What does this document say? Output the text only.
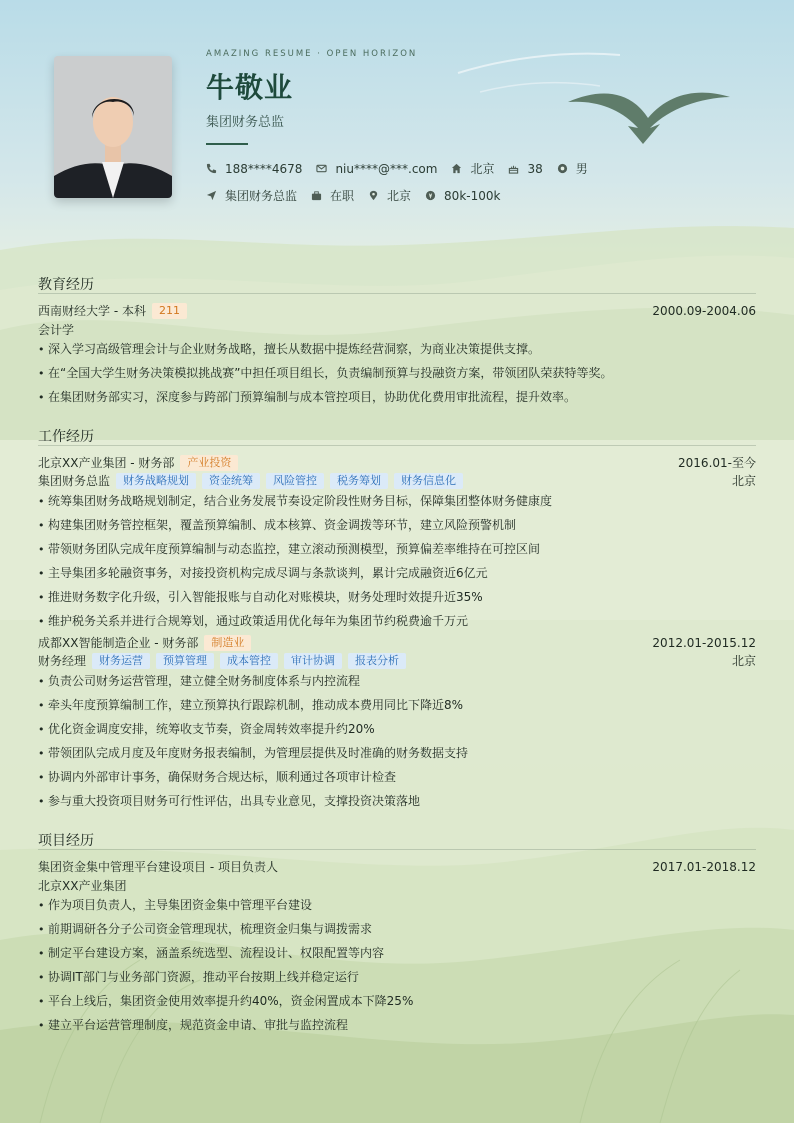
AMAZING RESUME · OPEN HORIZON
牛敬业
集团财务总监
188****4678	niu****@***.com	北京	38	男
集团财务总监	在职	北京	80k-100k
教育经历
西南财经大学 - 本科	211	2000.09-2004.06
会计学
• 深入学习高级管理会计与企业财务战略，擅长从数据中提炼经营洞察，为商业决策提供支撑。
• 在“全国大学生财务决策模拟挑战赛”中担任项目组长，负责编制预算与投融资方案，带领团队荣获特等奖。
• 在集团财务部实习，深度参与跨部门预算编制与成本管控项目，协助优化费用审批流程，提升效率。
工作经历
北京XX产业集团 - 财务部	产业投资	2016.01-至今
集团财务总监	财务战略规划	资金统筹	风险管控	税务筹划	财务信息化	北京
• 统筹集团财务战略规划制定，结合业务发展节奏设定阶段性财务目标，保障集团整体财务健康度
• 构建集团财务管控框架，覆盖预算编制、成本核算、资金调拨等环节，建立风险预警机制
• 带领财务团队完成年度预算编制与动态监控，建立滚动预测模型，预算偏差率维持在可控区间
• 主导集团多轮融资事务，对接投资机构完成尽调与条款谈判，累计完成融资近6亿元
• 推进财务数字化升级，引入智能报账与自动化对账模块，财务处理时效提升近35%
• 维护税务关系并进行合规筹划，通过政策适用优化每年为集团节约税费逾千万元
成都XX智能制造企业 - 财务部	制造业	2012.01-2015.12
财务经理	财务运营	预算管理	成本管控	审计协调	报表分析	北京
• 负责公司财务运营管理，建立健全财务制度体系与内控流程
• 牵头年度预算编制工作，建立预算执行跟踪机制，推动成本费用同比下降近8%
• 优化资金调度安排，统筹收支节奏，资金周转效率提升约20%
• 带领团队完成月度及年度财务报表编制，为管理层提供及时准确的财务数据支持
• 协调内外部审计事务，确保财务合规达标，顺利通过各项审计检查
• 参与重大投资项目财务可行性评估，出具专业意见，支撑投资决策落地
项目经历
集团资金集中管理平台建设项目 - 项目负责人	2017.01-2018.12
北京XX产业集团
• 作为项目负责人，主导集团资金集中管理平台建设
• 前期调研各分子公司资金管理现状，梳理资金归集与调拨需求
• 制定平台建设方案，涵盖系统选型、流程设计、权限配置等内容
• 协调IT部门与业务部门资源，推动平台按期上线并稳定运行
• 平台上线后，集团资金使用效率提升约40%，资金闲置成本下降25%
• 建立平台运营管理制度，规范资金申请、审批与监控流程
